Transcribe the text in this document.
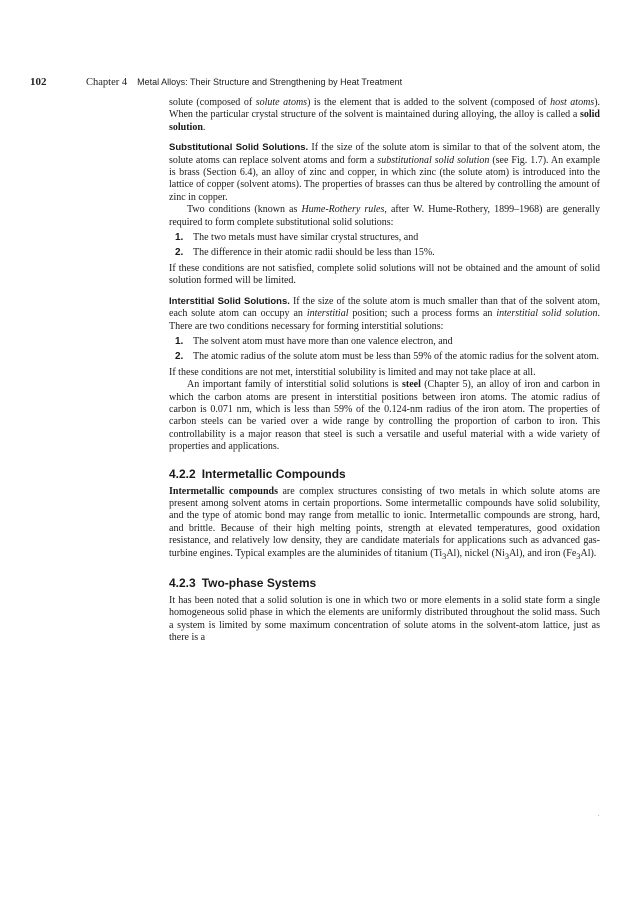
102	Chapter 4 Metal Alloys: Their Structure and Strengthening by Heat Treatment

solute (composed of solute atoms) is the element that is added to the solvent (composed of host atoms). When the particular crystal structure of the solvent is maintained during alloying, the alloy is called a solid solution.

Substitutional Solid Solutions. If the size of the solute atom is similar to that of the solvent atom, the solute atoms can replace solvent atoms and form a substitutional solid solution (see Fig. 1.7). An example is brass (Section 6.4), an alloy of zinc and copper, in which zinc (the solute atom) is introduced into the lattice of copper (solvent atoms). The properties of brasses can thus be altered by controlling the amount of zinc in copper.

Two conditions (known as Hume-Rothery rules, after W. Hume-Rothery, 1899–1968) are generally required to form complete substitutional solid solutions:

1. The two metals must have similar crystal structures, and
2. The difference in their atomic radii should be less than 15%.

If these conditions are not satisfied, complete solid solutions will not be obtained and the amount of solid solution formed will be limited.

Interstitial Solid Solutions. If the size of the solute atom is much smaller than that of the solvent atom, each solute atom can occupy an interstitial position; such a process forms an interstitial solid solution. There are two conditions necessary for forming interstitial solutions:

1. The solvent atom must have more than one valence electron, and
2. The atomic radius of the solute atom must be less than 59% of the atomic radius for the solvent atom.

If these conditions are not met, interstitial solubility is limited and may not take place at all.

An important family of interstitial solid solutions is steel (Chapter 5), an alloy of iron and carbon in which the carbon atoms are present in interstitial positions between iron atoms. The atomic radius of carbon is 0.071 nm, which is less than 59% of the 0.124-nm radius of the iron atom. The properties of carbon steels can be varied over a wide range by controlling the proportion of carbon to iron. This controllability is a major reason that steel is such a versatile and useful material with a wide variety of properties and applications.

4.2.2 Intermetallic Compounds

Intermetallic compounds are complex structures consisting of two metals in which solute atoms are present among solvent atoms in certain proportions. Some intermetallic compounds have solid solubility, and the type of atomic bond may range from metallic to ionic. Intermetallic compounds are strong, hard, and brittle. Because of their high melting points, strength at elevated temperatures, good oxidation resistance, and relatively low density, they are candidate materials for applications such as advanced gas-turbine engines. Typical examples are the aluminides of titanium $(Ti_3Al)$, nickel $(Ni_3Al)$, and iron $(Fe_3Al)$.

4.2.3 Two-phase Systems

It has been noted that a solid solution is one in which two or more elements in a solid state form a single homogeneous solid phase in which the elements are uniformly distributed throughout the solid mass. Such a system is limited by some maximum concentration of solute atoms in the solvent-atom lattice, just as there is a

.
